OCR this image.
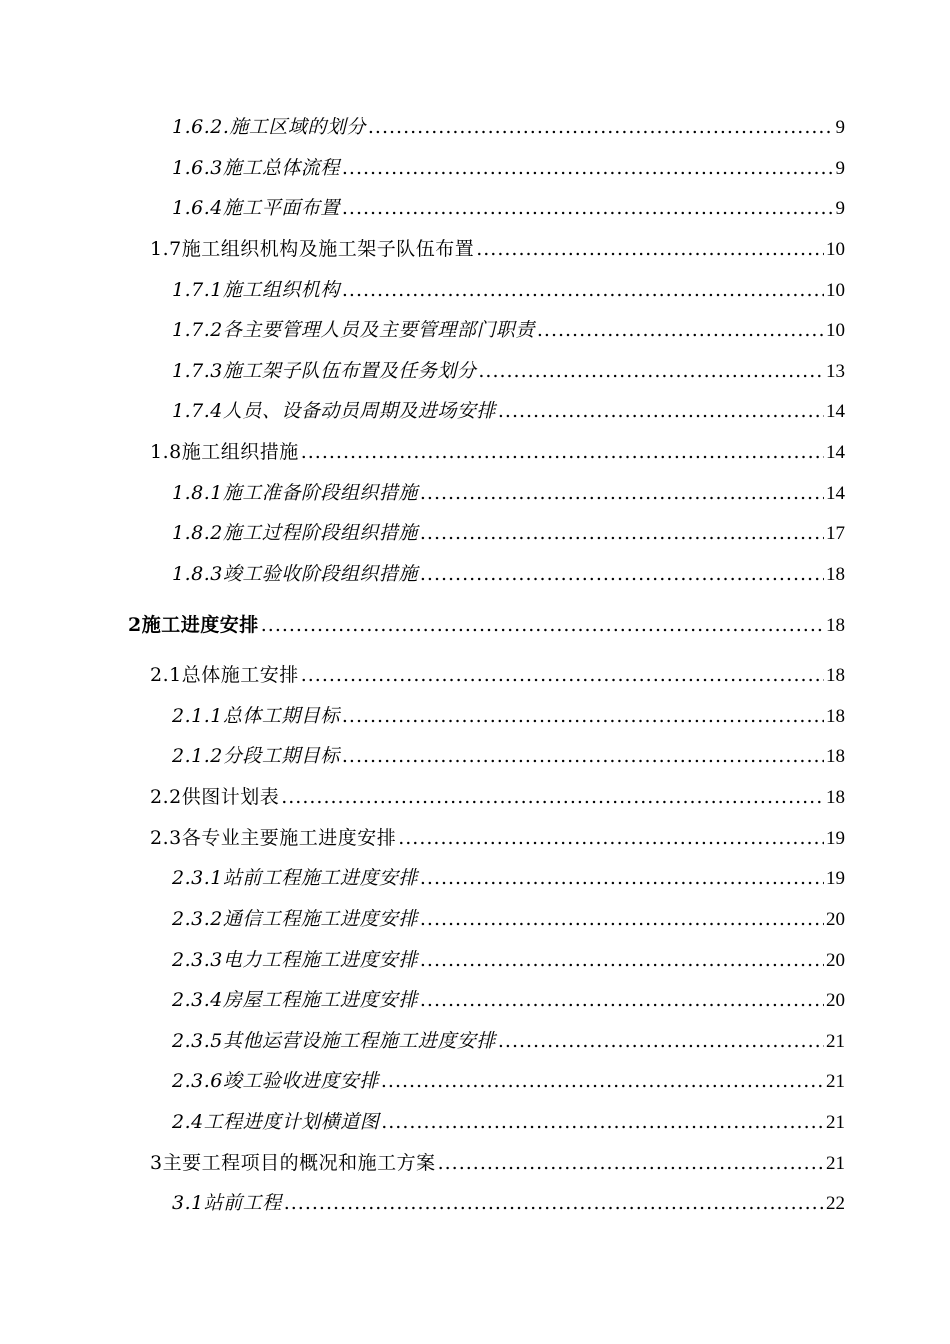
1.6.2.施工区域的划分 .....	9
1.6.3施工总体流程 .....	9
1.6.4施工平面布置 .....	9
1.7施工组织机构及施工架子队伍布置 .....	10
1.7.1施工组织机构 .....	10
1.7.2各主要管理人员及主要管理部门职责 .....	10
1.7.3施工架子队伍布置及任务划分 .....	13
1.7.4人员、设备动员周期及进场安排 .....	14
1.8施工组织措施 .....	14
1.8.1施工准备阶段组织措施 .....	14
1.8.2施工过程阶段组织措施 .....	17
1.8.3竣工验收阶段组织措施 .....	18
2施工进度安排 .....	18
2.1总体施工安排 .....	18
2.1.1总体工期目标 .....	18
2.1.2分段工期目标 .....	18
2.2供图计划表 .....	18
2.3各专业主要施工进度安排 .....	19
2.3.1站前工程施工进度安排 .....	19
2.3.2通信工程施工进度安排 .....	20
2.3.3电力工程施工进度安排 .....	20
2.3.4房屋工程施工进度安排 .....	20
2.3.5其他运营设施工程施工进度安排 .....	21
2.3.6竣工验收进度安排 .....	21
2.4工程进度计划横道图 .....	21
3主要工程项目的概况和施工方案 .....	21
3.1站前工程 .....	22
